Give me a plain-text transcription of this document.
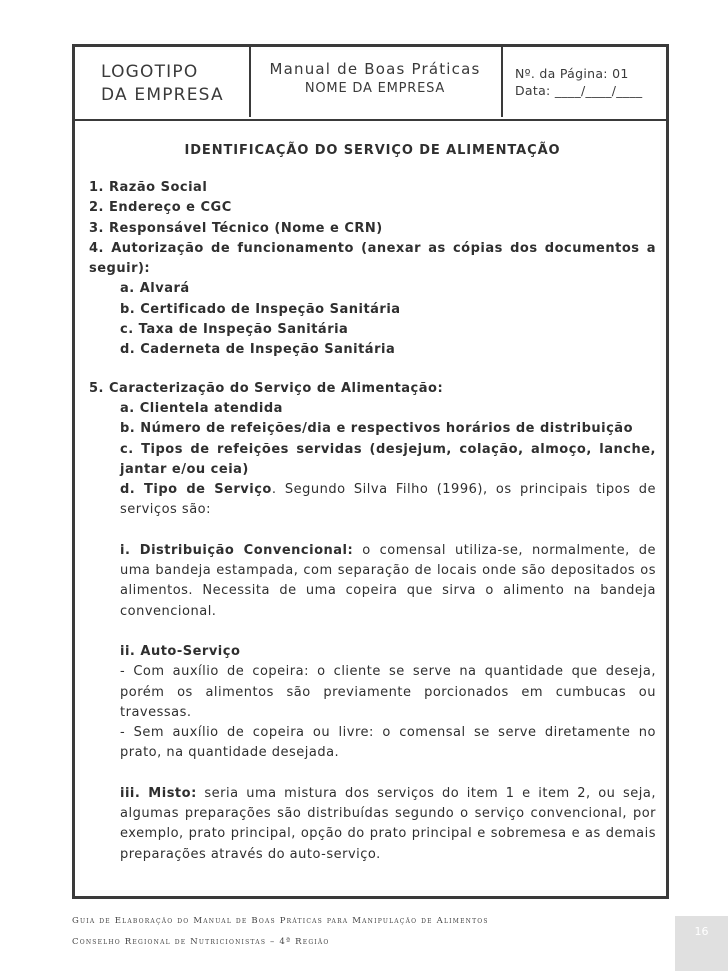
LOGOTIPO
DA EMPRESA
Manual de Boas Práticas
NOME DA EMPRESA
Nº. da Página: 01
Data: ____/____/____
IDENTIFICAÇÃO DO SERVIÇO DE ALIMENTAÇÃO
1. Razão Social
2. Endereço e CGC
3. Responsável Técnico (Nome e CRN)
4. Autorização de funcionamento (anexar as cópias dos documentos a seguir):
a. Alvará
b. Certificado de Inspeção Sanitária
c. Taxa de Inspeção Sanitária
d. Caderneta de Inspeção Sanitária
5. Caracterização do Serviço de Alimentação:
a. Clientela atendida
b. Número de refeições/dia e respectivos horários de distribuição
c. Tipos de refeições servidas (desjejum, colação, almoço, lanche, jantar e/ou ceia)
d. Tipo de Serviço. Segundo Silva Filho (1996), os principais tipos de serviços são:
i. Distribuição Convencional: o comensal utiliza-se, normalmente, de uma bandeja estampada, com separação de locais onde são depositados os alimentos. Necessita de uma copeira que sirva o alimento na bandeja convencional.
ii. Auto-Serviço
- Com auxílio de copeira: o cliente se serve na quantidade que deseja, porém os alimentos são previamente porcionados em cumbucas ou travessas.
- Sem auxílio de copeira ou livre: o comensal se serve diretamente no prato, na quantidade desejada.
iii. Misto: seria uma mistura dos serviços do item 1 e item 2, ou seja, algumas preparações são distribuídas segundo o serviço convencional, por exemplo, prato principal, opção do prato principal e sobremesa e as demais preparações através do auto-serviço.
Guia de Elaboração do Manual de Boas Práticas para Manipulação de Alimentos
Conselho Regional de Nutricionistas – 4ª Região
16
